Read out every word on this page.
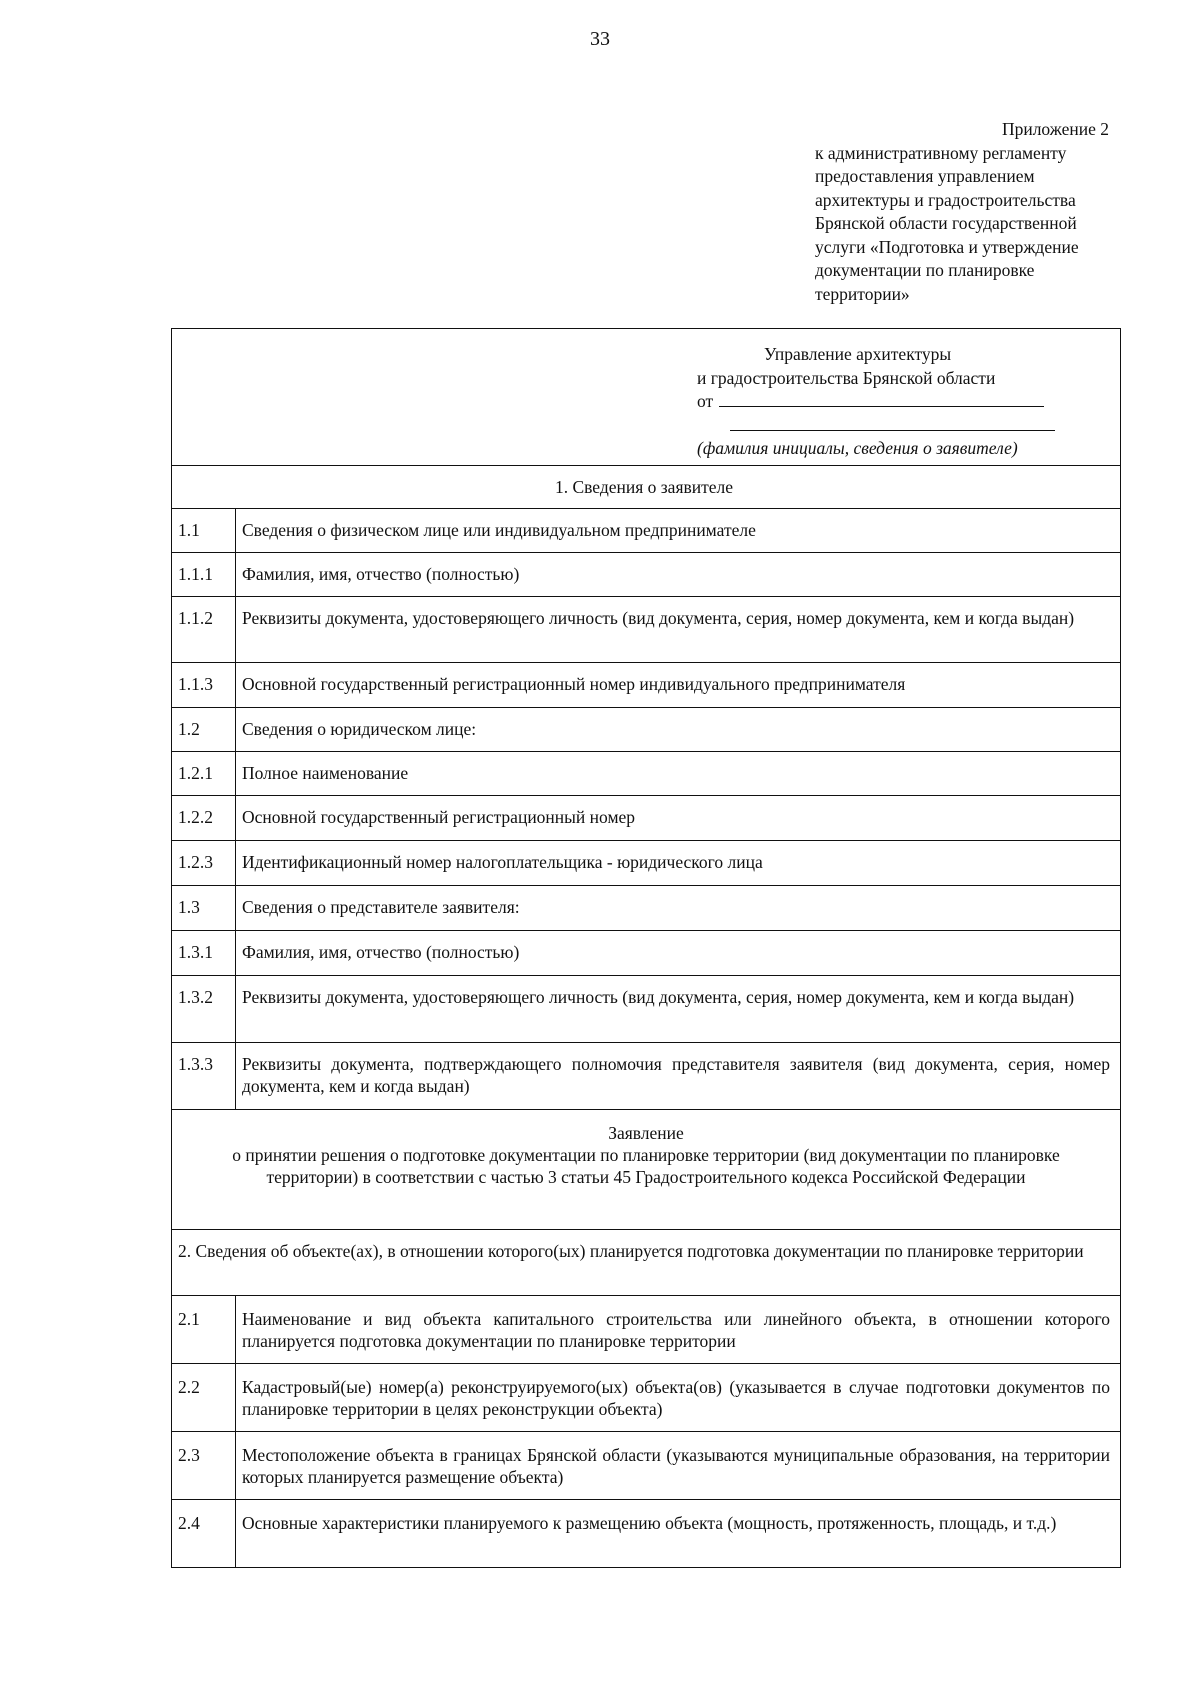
33
Приложение 2
к административному регламенту
предоставления управлением
архитектуры и градостроительства
Брянской области государственной
услуги «Подготовка и утверждение
документации по планировке
территории»
Управление архитектуры
и градостроительства Брянской области
от
(фамилия инициалы, сведения о заявителе)	

1. Сведения о заявителе	
1.1	Сведения о физическом лице или индивидуальном предпринимателе
1.1.1	Фамилия, имя, отчество (полностью)
1.1.2	Реквизиты документа, удостоверяющего личность (вид документа, серия, номер документа, кем и когда выдан)
1.1.3	Основной государственный регистрационный номер индивидуального предпринимателя
1.2	Сведения о юридическом лице:
1.2.1	Полное наименование
1.2.2	Основной государственный регистрационный номер
1.2.3	Идентификационный номер налогоплательщика - юридического лица
1.3	Сведения о представителе заявителя:
1.3.1	Фамилия, имя, отчество (полностью)
1.3.2	Реквизиты документа, удостоверяющего личность (вид документа, серия, номер документа, кем и когда выдан)
1.3.3	Реквизиты документа, подтверждающего полномочия представителя заявителя (вид документа, серия, номер документа, кем и когда выдан)

Заявление
о принятии решения о подготовке документации по планировке территории (вид документации по планировке территории) в соответствии с частью 3 статьи 45 Градостроительного кодекса Российской Федерации	

2. Сведения об объекте(ах), в отношении которого(ых) планируется подготовка документации по планировке территории	
2.1	Наименование и вид объекта капитального строительства или линейного объекта, в отношении которого планируется подготовка документации по планировке территории
2.2	Кадастровый(ые) номер(а) реконструируемого(ых) объекта(ов) (указывается в случае подготовки документов по планировке территории в целях реконструкции объекта)
2.3	Местоположение объекта в границах Брянской области (указываются муниципальные образования, на территории которых планируется размещение объекта)
2.4	Основные характеристики планируемого к размещению объекта (мощность, протяженность, площадь, и т.д.)
